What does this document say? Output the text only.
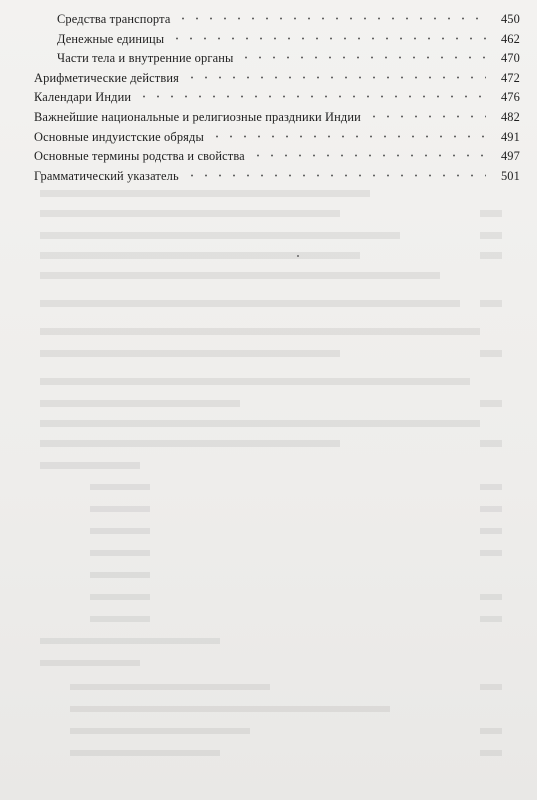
Средства транспорта	450
Денежные единицы	462
Части тела и внутренние органы	470
Арифметические действия	472
Календари Индии	476
Важнейшие национальные и религиозные праздники Индии	482
Основные индуистские обряды	491
Основные термины родства и свойства	497
Грамматический указатель	501
